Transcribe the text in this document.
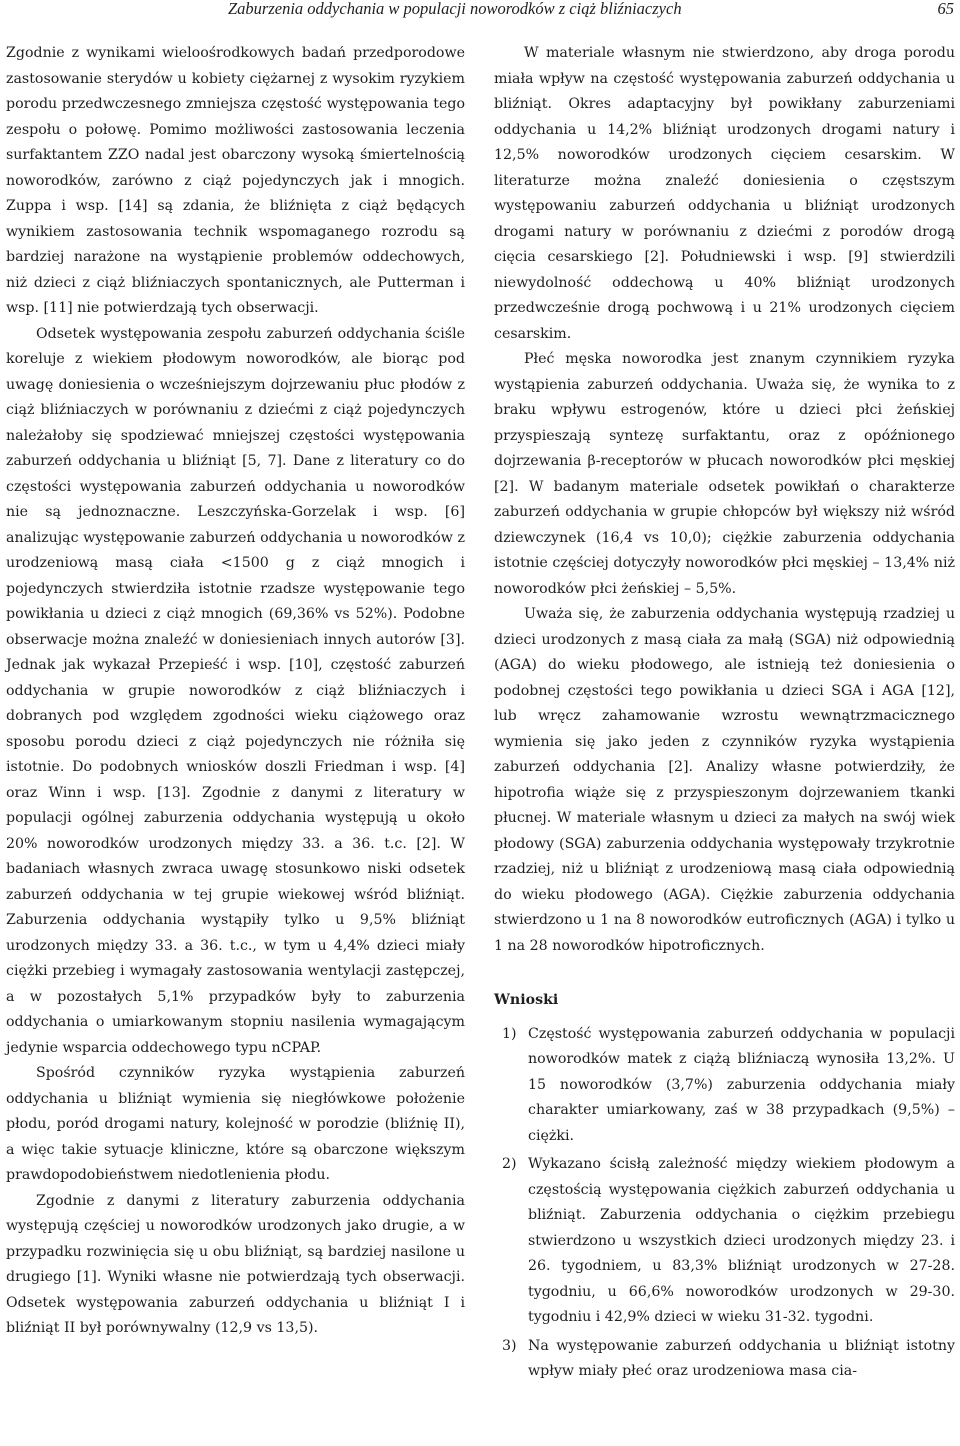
Zaburzenia oddychania w populacji noworodków z ciąż bliźniaczych	65

Zgodnie z wynikami wieloośrodkowych badań przedporodowe zastosowanie sterydów u kobiety ciężarnej z wysokim ryzykiem porodu przedwczesnego zmniejsza częstość występowania tego zespołu o połowę. Pomimo możliwości zastosowania leczenia surfaktantem ZZO nadal jest obarczony wysoką śmiertelnością noworodków, zarówno z ciąż pojedynczych jak i mnogich. Zuppa i wsp. [14] są zdania, że bliźnięta z ciąż będących wynikiem zastosowania technik wspomaganego rozrodu są bardziej narażone na wystąpienie problemów oddechowych, niż dzieci z ciąż bliźniaczych spontanicznych, ale Putterman i wsp. [11] nie potwierdzają tych obserwacji.

Odsetek występowania zespołu zaburzeń oddychania ściśle koreluje z wiekiem płodowym noworodków, ale biorąc pod uwagę doniesienia o wcześniejszym dojrzewaniu płuc płodów z ciąż bliźniaczych w porównaniu z dziećmi z ciąż pojedynczych należałoby się spodziewać mniejszej częstości występowania zaburzeń oddychania u bliźniąt [5, 7]. Dane z literatury co do częstości występowania zaburzeń oddychania u noworodków nie są jednoznaczne. Leszczyńska-Gorzelak i wsp. [6] analizując występowanie zaburzeń oddychania u noworodków z urodzeniową masą ciała <1500 g z ciąż mnogich i pojedynczych stwierdziła istotnie rzadsze występowanie tego powikłania u dzieci z ciąż mnogich (69,36% vs 52%). Podobne obserwacje można znaleźć w doniesieniach innych autorów [3]. Jednak jak wykazał Przepieść i wsp. [10], częstość zaburzeń oddychania w grupie noworodków z ciąż bliźniaczych i dobranych pod względem zgodności wieku ciążowego oraz sposobu porodu dzieci z ciąż pojedynczych nie różniła się istotnie. Do podobnych wniosków doszli Friedman i wsp. [4] oraz Winn i wsp. [13]. Zgodnie z danymi z literatury w populacji ogólnej zaburzenia oddychania występują u około 20% noworodków urodzonych między 33. a 36. t.c. [2]. W badaniach własnych zwraca uwagę stosunkowo niski odsetek zaburzeń oddychania w tej grupie wiekowej wśród bliźniąt. Zaburzenia oddychania wystąpiły tylko u 9,5% bliźniąt urodzonych między 33. a 36. t.c., w tym u 4,4% dzieci miały ciężki przebieg i wymagały zastosowania wentylacji zastępczej, a w pozostałych 5,1% przypadków były to zaburzenia oddychania o umiarkowanym stopniu nasilenia wymagającym jedynie wsparcia oddechowego typu nCPAP.

Spośród czynników ryzyka wystąpienia zaburzeń oddychania u bliźniąt wymienia się niegłówkowe położenie płodu, poród drogami natury, kolejność w porodzie (bliźnię II), a więc takie sytuacje kliniczne, które są obarczone większym prawdopodobieństwem niedotlenienia płodu.

Zgodnie z danymi z literatury zaburzenia oddychania występują częściej u noworodków urodzonych jako drugie, a w przypadku rozwinięcia się u obu bliźniąt, są bardziej nasilone u drugiego [1]. Wyniki własne nie potwierdzają tych obserwacji. Odsetek występowania zaburzeń oddychania u bliźniąt I i bliźniąt II był porównywalny (12,9 vs 13,5).

W materiale własnym nie stwierdzono, aby droga porodu miała wpływ na częstość występowania zaburzeń oddychania u bliźniąt. Okres adaptacyjny był powikłany zaburzeniami oddychania u 14,2% bliźniąt urodzonych drogami natury i 12,5% noworodków urodzonych cięciem cesarskim. W literaturze można znaleźć doniesienia o częstszym występowaniu zaburzeń oddychania u bliźniąt urodzonych drogami natury w porównaniu z dziećmi z porodów drogą cięcia cesarskiego [2]. Południewski i wsp. [9] stwierdzili niewydolność oddechową u 40% bliźniąt urodzonych przedwcześnie drogą pochwową i u 21% urodzonych cięciem cesarskim.

Płeć męska noworodka jest znanym czynnikiem ryzyka wystąpienia zaburzeń oddychania. Uważa się, że wynika to z braku wpływu estrogenów, które u dzieci płci żeńskiej przyspieszają syntezę surfaktantu, oraz z opóźnionego dojrzewania β-receptorów w płucach noworodków płci męskiej [2]. W badanym materiale odsetek powikłań o charakterze zaburzeń oddychania w grupie chłopców był większy niż wśród dziewczynek (16,4 vs 10,0); ciężkie zaburzenia oddychania istotnie częściej dotyczyły noworodków płci męskiej – 13,4% niż noworodków płci żeńskiej – 5,5%.

Uważa się, że zaburzenia oddychania występują rzadziej u dzieci urodzonych z masą ciała za małą (SGA) niż odpowiednią (AGA) do wieku płodowego, ale istnieją też doniesienia o podobnej częstości tego powikłania u dzieci SGA i AGA [12], lub wręcz zahamowanie wzrostu wewnątrzmacicznego wymienia się jako jeden z czynników ryzyka wystąpienia zaburzeń oddychania [2]. Analizy własne potwierdziły, że hipotrofia wiąże się z przyspieszonym dojrzewaniem tkanki płucnej. W materiale własnym u dzieci za małych na swój wiek płodowy (SGA) zaburzenia oddychania występowały trzykrotnie rzadziej, niż u bliźniąt z urodzeniową masą ciała odpowiednią do wieku płodowego (AGA). Ciężkie zaburzenia oddychania stwierdzono u 1 na 8 noworodków eutroficznych (AGA) i tylko u 1 na 28 noworodków hipotroficznych.

Wnioski
1) Częstość występowania zaburzeń oddychania w populacji noworodków matek z ciążą bliźniaczą wynosiła 13,2%. U 15 noworodków (3,7%) zaburzenia oddychania miały charakter umiarkowany, zaś w 38 przypadkach (9,5%) – ciężki.
2) Wykazano ścisłą zależność między wiekiem płodowym a częstością występowania ciężkich zaburzeń oddychania u bliźniąt. Zaburzenia oddychania o ciężkim przebiegu stwierdzono u wszystkich dzieci urodzonych między 23. i 26. tygodniem, u 83,3% bliźniąt urodzonych w 27-28. tygodniu, u 66,6% noworodków urodzonych w 29-30. tygodniu i 42,9% dzieci w wieku 31-32. tygodni.
3) Na występowanie zaburzeń oddychania u bliźniąt istotny wpływ miały płeć oraz urodzeniowa masa cia-
